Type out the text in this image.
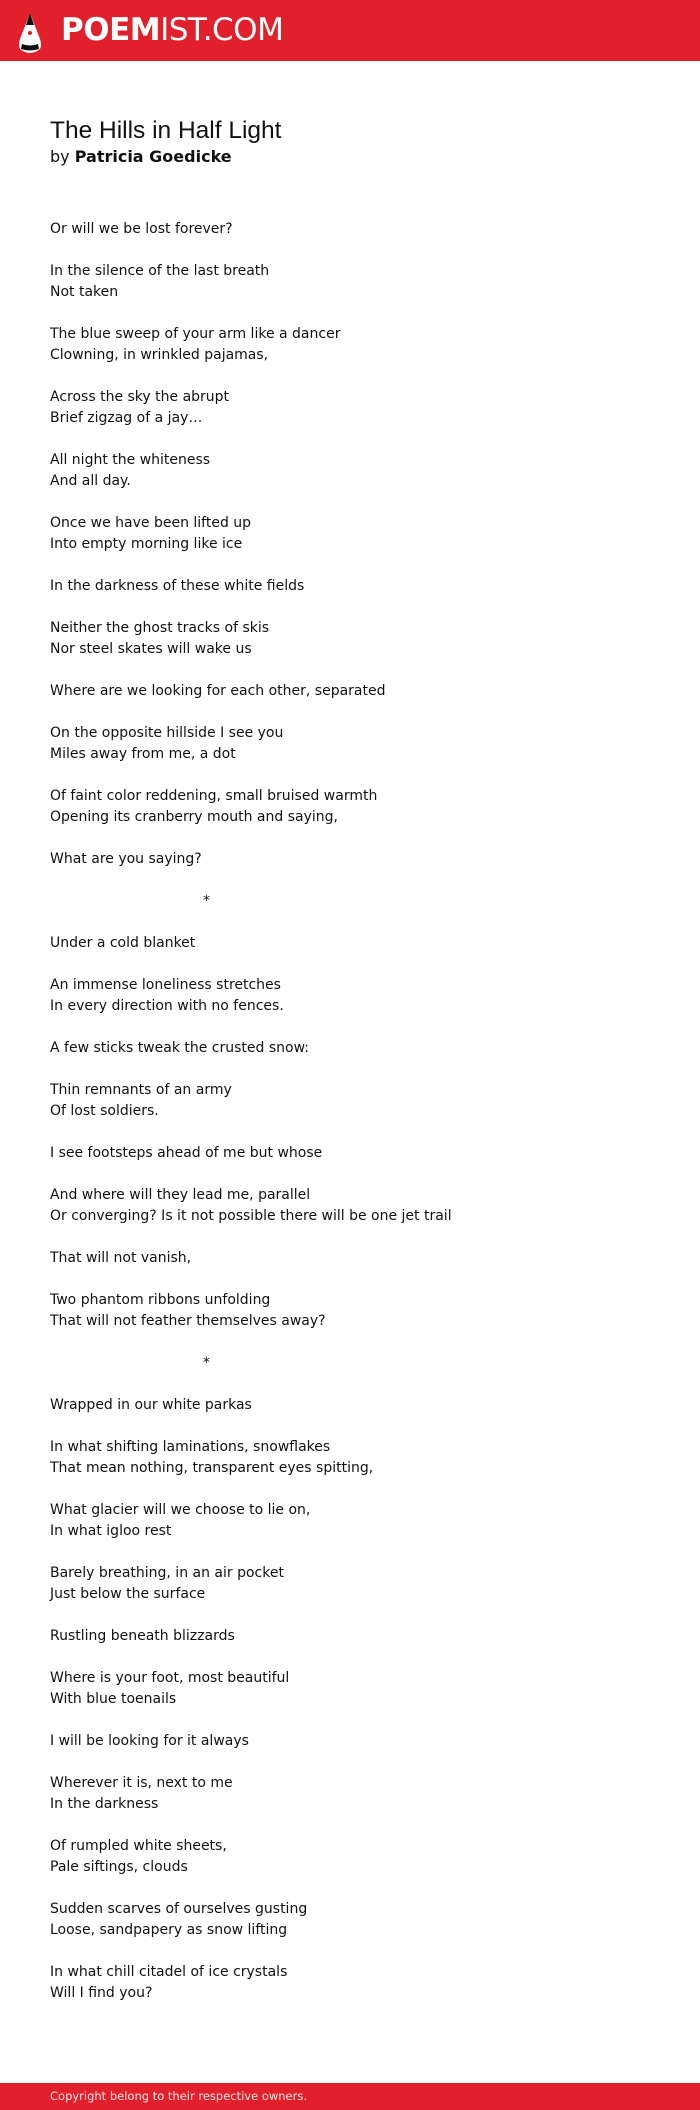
POEMIST.COM
The Hills in Half Light
by Patricia Goedicke
Or will we be lost forever?
In the silence of the last breath
Not taken
The blue sweep of your arm like a dancer
Clowning, in wrinkled pajamas,
Across the sky the abrupt
Brief zigzag of a jay…
All night the whiteness
And all day.
Once we have been lifted up
Into empty morning like ice
In the darkness of these white fields
Neither the ghost tracks of skis
Nor steel skates will wake us
Where are we looking for each other, separated
On the opposite hillside I see you
Miles away from me, a dot
Of faint color reddening, small bruised warmth
Opening its cranberry mouth and saying,
What are you saying?
*
Under a cold blanket
An immense loneliness stretches
In every direction with no fences.
A few sticks tweak the crusted snow:
Thin remnants of an army
Of lost soldiers.
I see footsteps ahead of me but whose
And where will they lead me, parallel
Or converging? Is it not possible there will be one jet trail
That will not vanish,
Two phantom ribbons unfolding
That will not feather themselves away?
*
Wrapped in our white parkas
In what shifting laminations, snowflakes
That mean nothing, transparent eyes spitting,
What glacier will we choose to lie on,
In what igloo rest
Barely breathing, in an air pocket
Just below the surface
Rustling beneath blizzards
Where is your foot, most beautiful
With blue toenails
I will be looking for it always
Wherever it is, next to me
In the darkness
Of rumpled white sheets,
Pale siftings, clouds
Sudden scarves of ourselves gusting
Loose, sandpapery as snow lifting
In what chill citadel of ice crystals
Will I find you?
Copyright belong to their respective owners.
